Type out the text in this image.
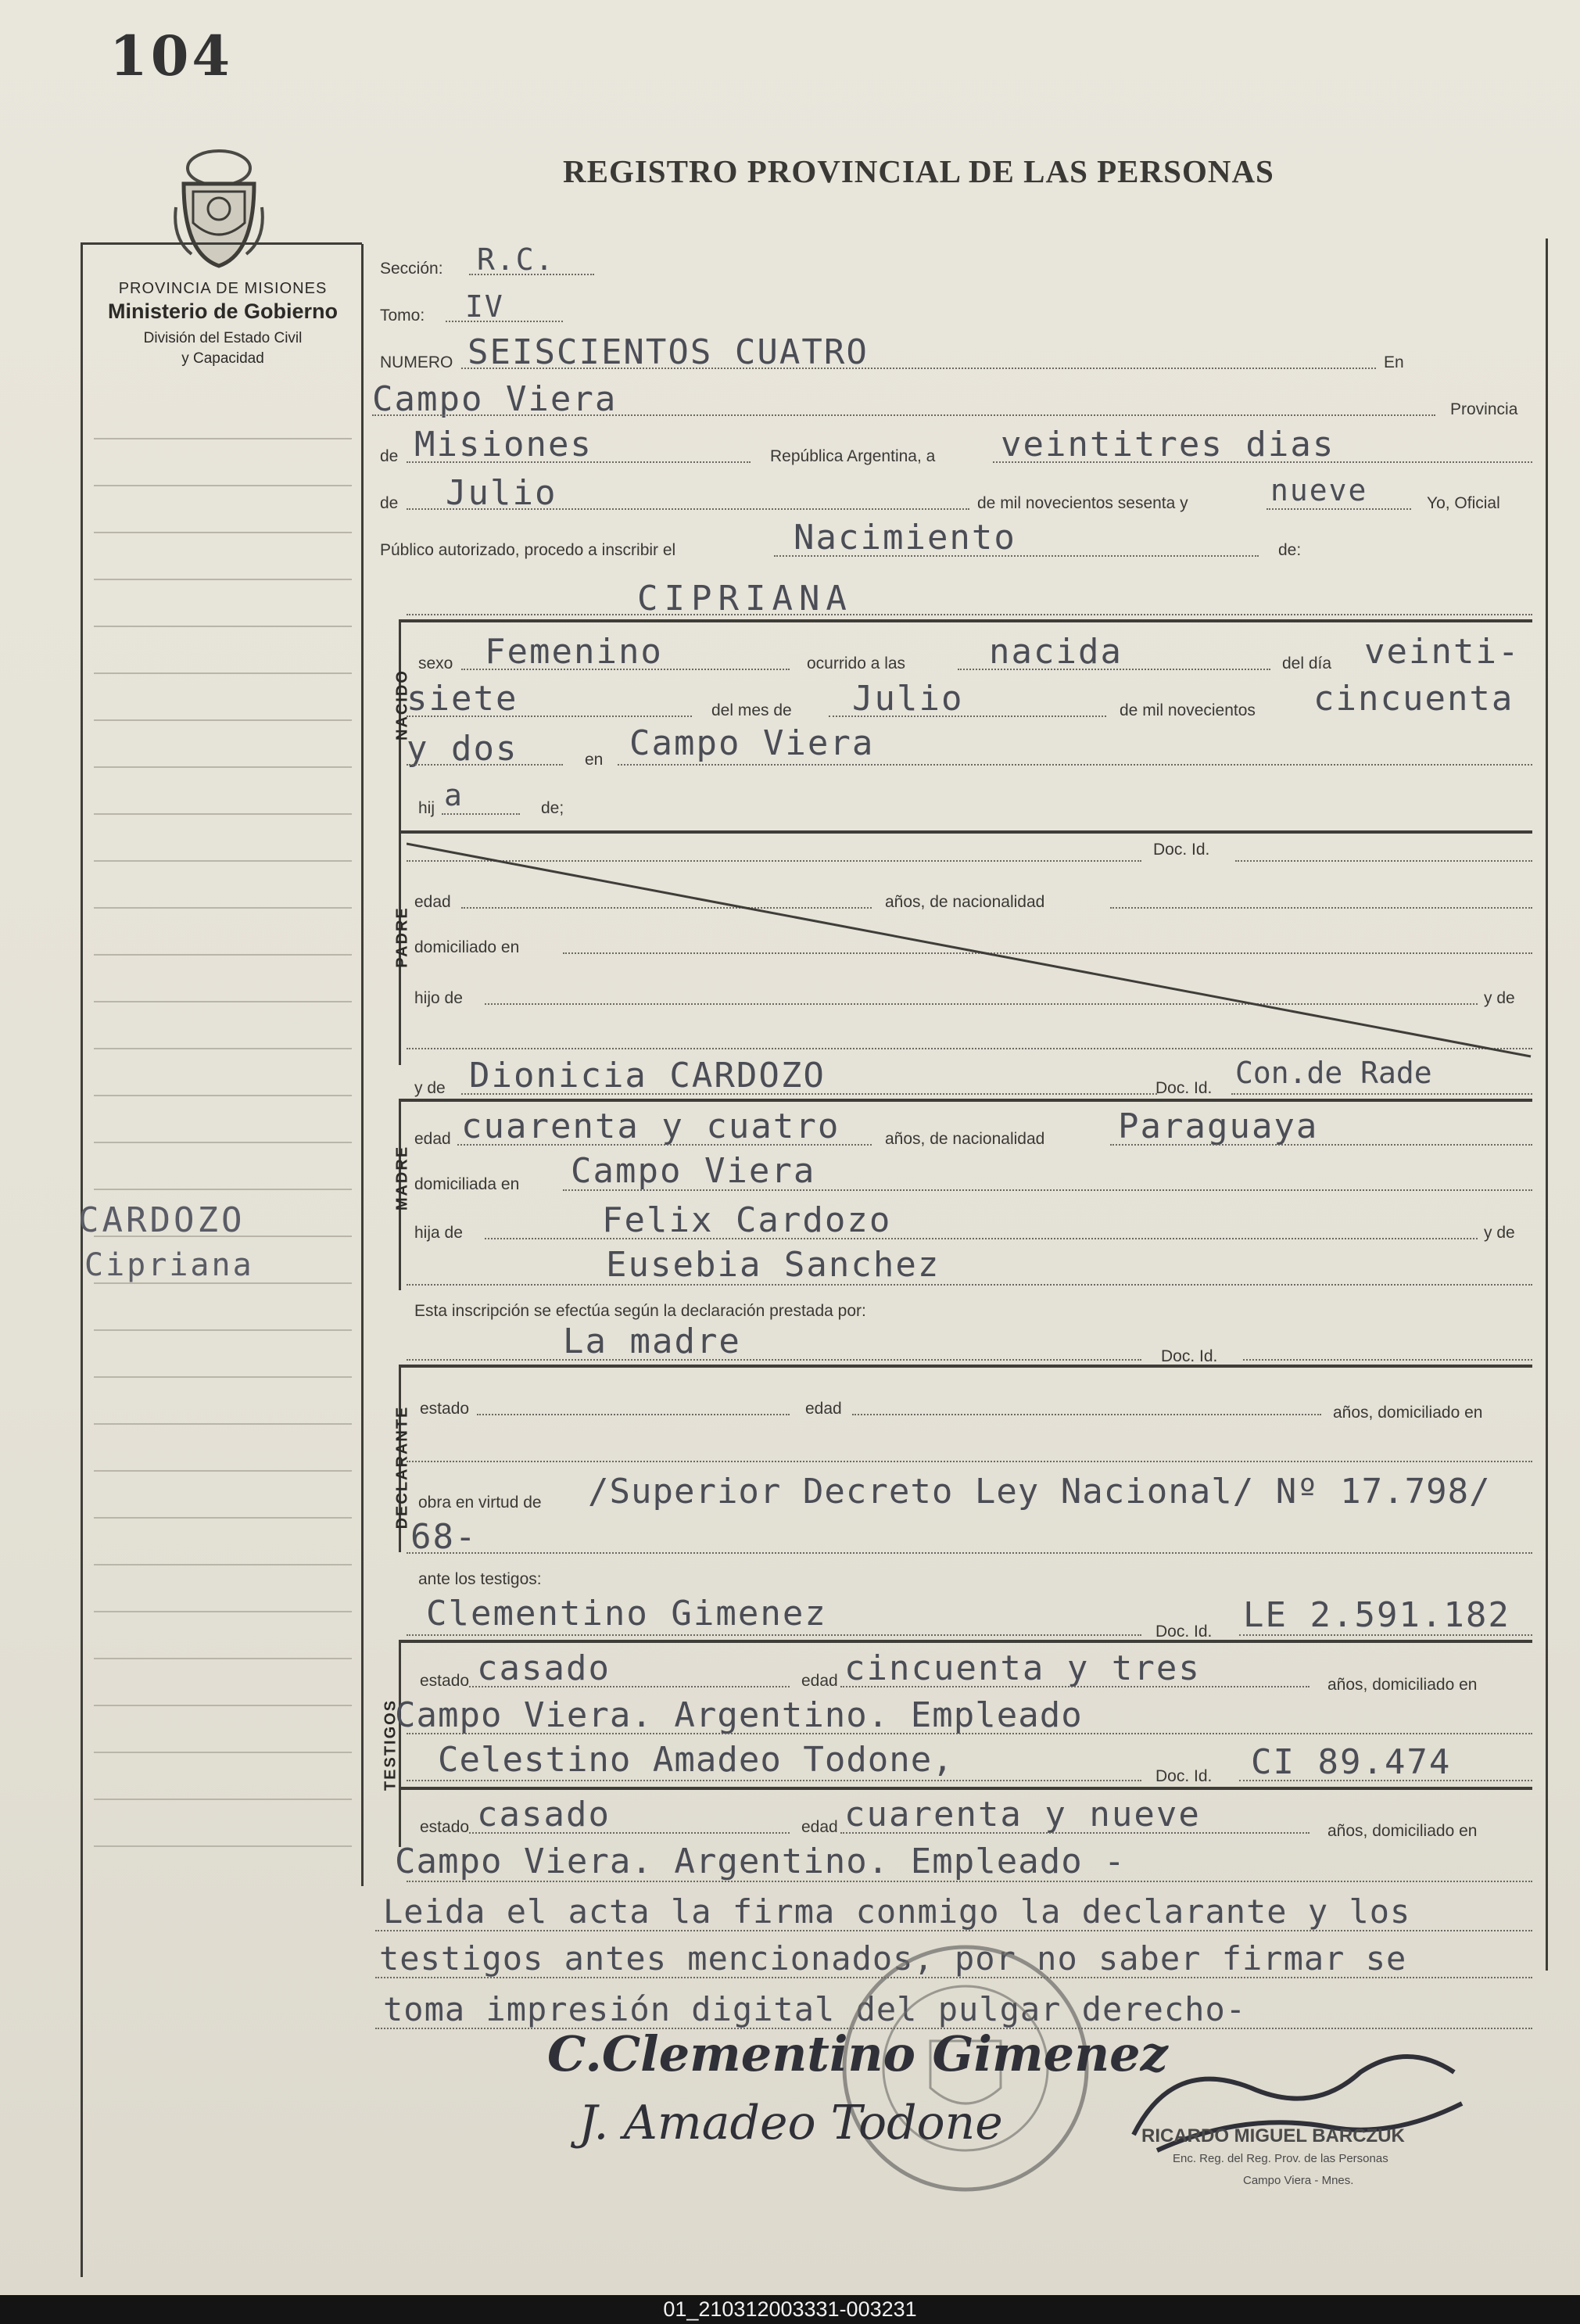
104
REGISTRO PROVINCIAL DE LAS PERSONAS
PROVINCIA DE MISIONES
Ministerio de Gobierno
División del Estado Civil
y Capacidad
CARDOZO
Cipriana
Sección: R.C.
Tomo: IV
NUMERO SEISCIENTOS CUATRO	En
Campo Viera	Provincia
de Misiones	República Argentina, a veintitres dias
de Julio	de mil novecientos sesenta y	nueve	Yo, Oficial
Público autorizado, procedo a inscribir el	Nacimiento	de:
CIPRIANA
NACIDO
sexo Femenino	ocurrido a las nacida	del día veinti-
siete	del mes de Julio	de mil novecientos cincuenta
y dos	en Campo Viera
hij a	de;
PADRE
Doc. Id.
edad	años, de nacionalidad
domiciliado en
hijo de	y de
y de Dionicia CARDOZO	Doc. Id. Con.de Rade
MADRE
edad cuarenta y cuatro	años, de nacionalidad Paraguaya
domiciliada en Campo Viera
hija de	Felix Cardozo	y de
Eusebia Sanchez
Esta inscripción se efectúa según la declaración prestada por:
La madre	Doc. Id.
DECLARANTE estado	edad	años, domiciliado en
obra en virtud de /Superior Decreto Ley Nacional/ Nº 17.798/
68-
ante los testigos:
Clementino Gimenez	Doc. Id. LE 2.591.182
TESTIGOS
estado casado	edad cincuenta y tres	años, domiciliado en
Campo Viera. Argentino. Empleado
Celestino Amadeo Todone,	Doc. Id. CI 89.474
estado casado	edad cuarenta y nueve	años, domiciliado en
Campo Viera. Argentino. Empleado -
Leida el acta la firma conmigo la declarante y los
testigos antes mencionados, por no saber firmar se
toma impresión digital del pulgar derecho-
C.Clementino Gimenez
J. Amadeo Todone	RICARDO MIGUEL BARCZUK
Enc. Reg. del Reg. Prov. de las Personas
Campo Viera - Mnes.
01_210312003331-003231
